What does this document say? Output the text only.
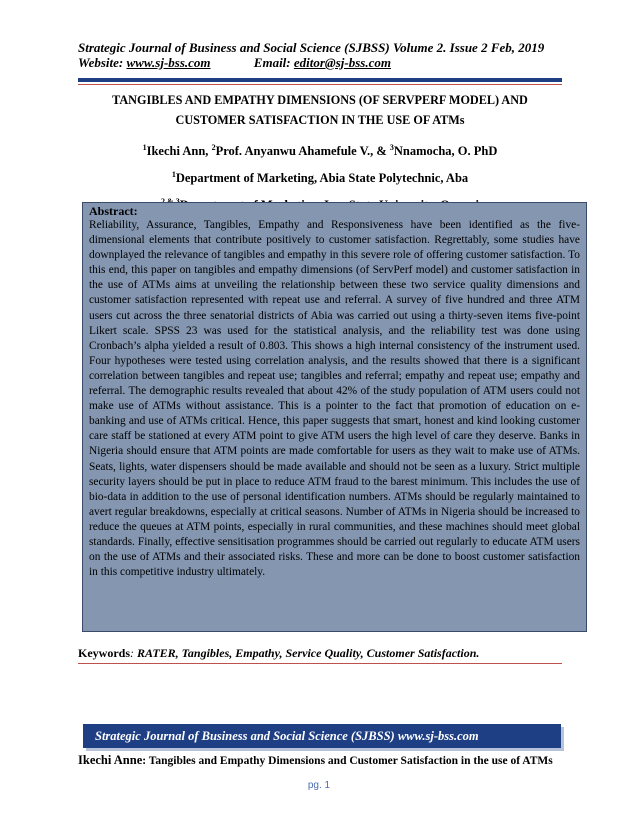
Strategic Journal of Business and Social Science (SJBSS) Volume 2. Issue 2 Feb, 2019
Website: www.sj-bss.com	Email: editor@sj-bss.com
TANGIBLES AND EMPATHY DIMENSIONS (OF SERVPERF MODEL) AND
CUSTOMER SATISFACTION IN THE USE OF ATMs
$^1$Ikechi Ann, $^2$Prof. Anyanwu Ahamefule V., & $^3$Nnamocha, O. PhD
$^1$Department of Marketing, Abia State Polytechnic, Aba
Abstract:

Reliability, Assurance, Tangibles, Empathy and Responsiveness have been identified as the five-dimensional elements that contribute positively to customer satisfaction. Regrettably, some studies have downplayed the relevance of tangibles and empathy in this severe role of offering customer satisfaction. To this end, this paper on tangibles and empathy dimensions (of ServPerf model) and customer satisfaction in the use of ATMs aims at unveiling the relationship between these two service quality dimensions and customer satisfaction represented with repeat use and referral. A survey of five hundred and three ATM users cut across the three senatorial districts of Abia was carried out using a thirty-seven items five-point Likert scale. SPSS 23 was used for the statistical analysis, and the reliability test was done using Cronbach’s alpha yielded a result of 0.803. This shows a high internal consistency of the instrument used. Four hypotheses were tested using correlation analysis, and the results showed that there is a significant correlation between tangibles and repeat use; tangibles and referral; empathy and repeat use; empathy and referral. The demographic results revealed that about 42% of the study population of ATM users could not make use of ATMs without assistance. This is a pointer to the fact that promotion of education on e-banking and use of ATMs critical. Hence, this paper suggests that smart, honest and kind looking customer care staff be stationed at every ATM point to give ATM users the high level of care they deserve. Banks in Nigeria should ensure that ATM points are made comfortable for users as they wait to make use of ATMs. Seats, lights, water dispensers should be made available and should not be seen as a luxury. Strict multiple security layers should be put in place to reduce ATM fraud to the barest minimum. This includes the use of bio-data in addition to the use of personal identification numbers. ATMs should be regularly maintained to avert regular breakdowns, especially at critical seasons. Number of ATMs in Nigeria should be increased to reduce the queues at ATM points, especially in rural communities, and these machines should meet global standards. Finally, effective sensitisation programmes should be carried out regularly to educate ATM users on the use of ATMs and their associated risks. These and more can be done to boost customer satisfaction in this competitive industry ultimately.

Keywords: RATER, Tangibles, Empathy, Service Quality, Customer Satisfaction.
Strategic Journal of Business and Social Science (SJBSS) www.sj-bss.com
Ikechi Anne: Tangibles and Empathy Dimensions and Customer Satisfaction in the use of ATMs
pg. 1
